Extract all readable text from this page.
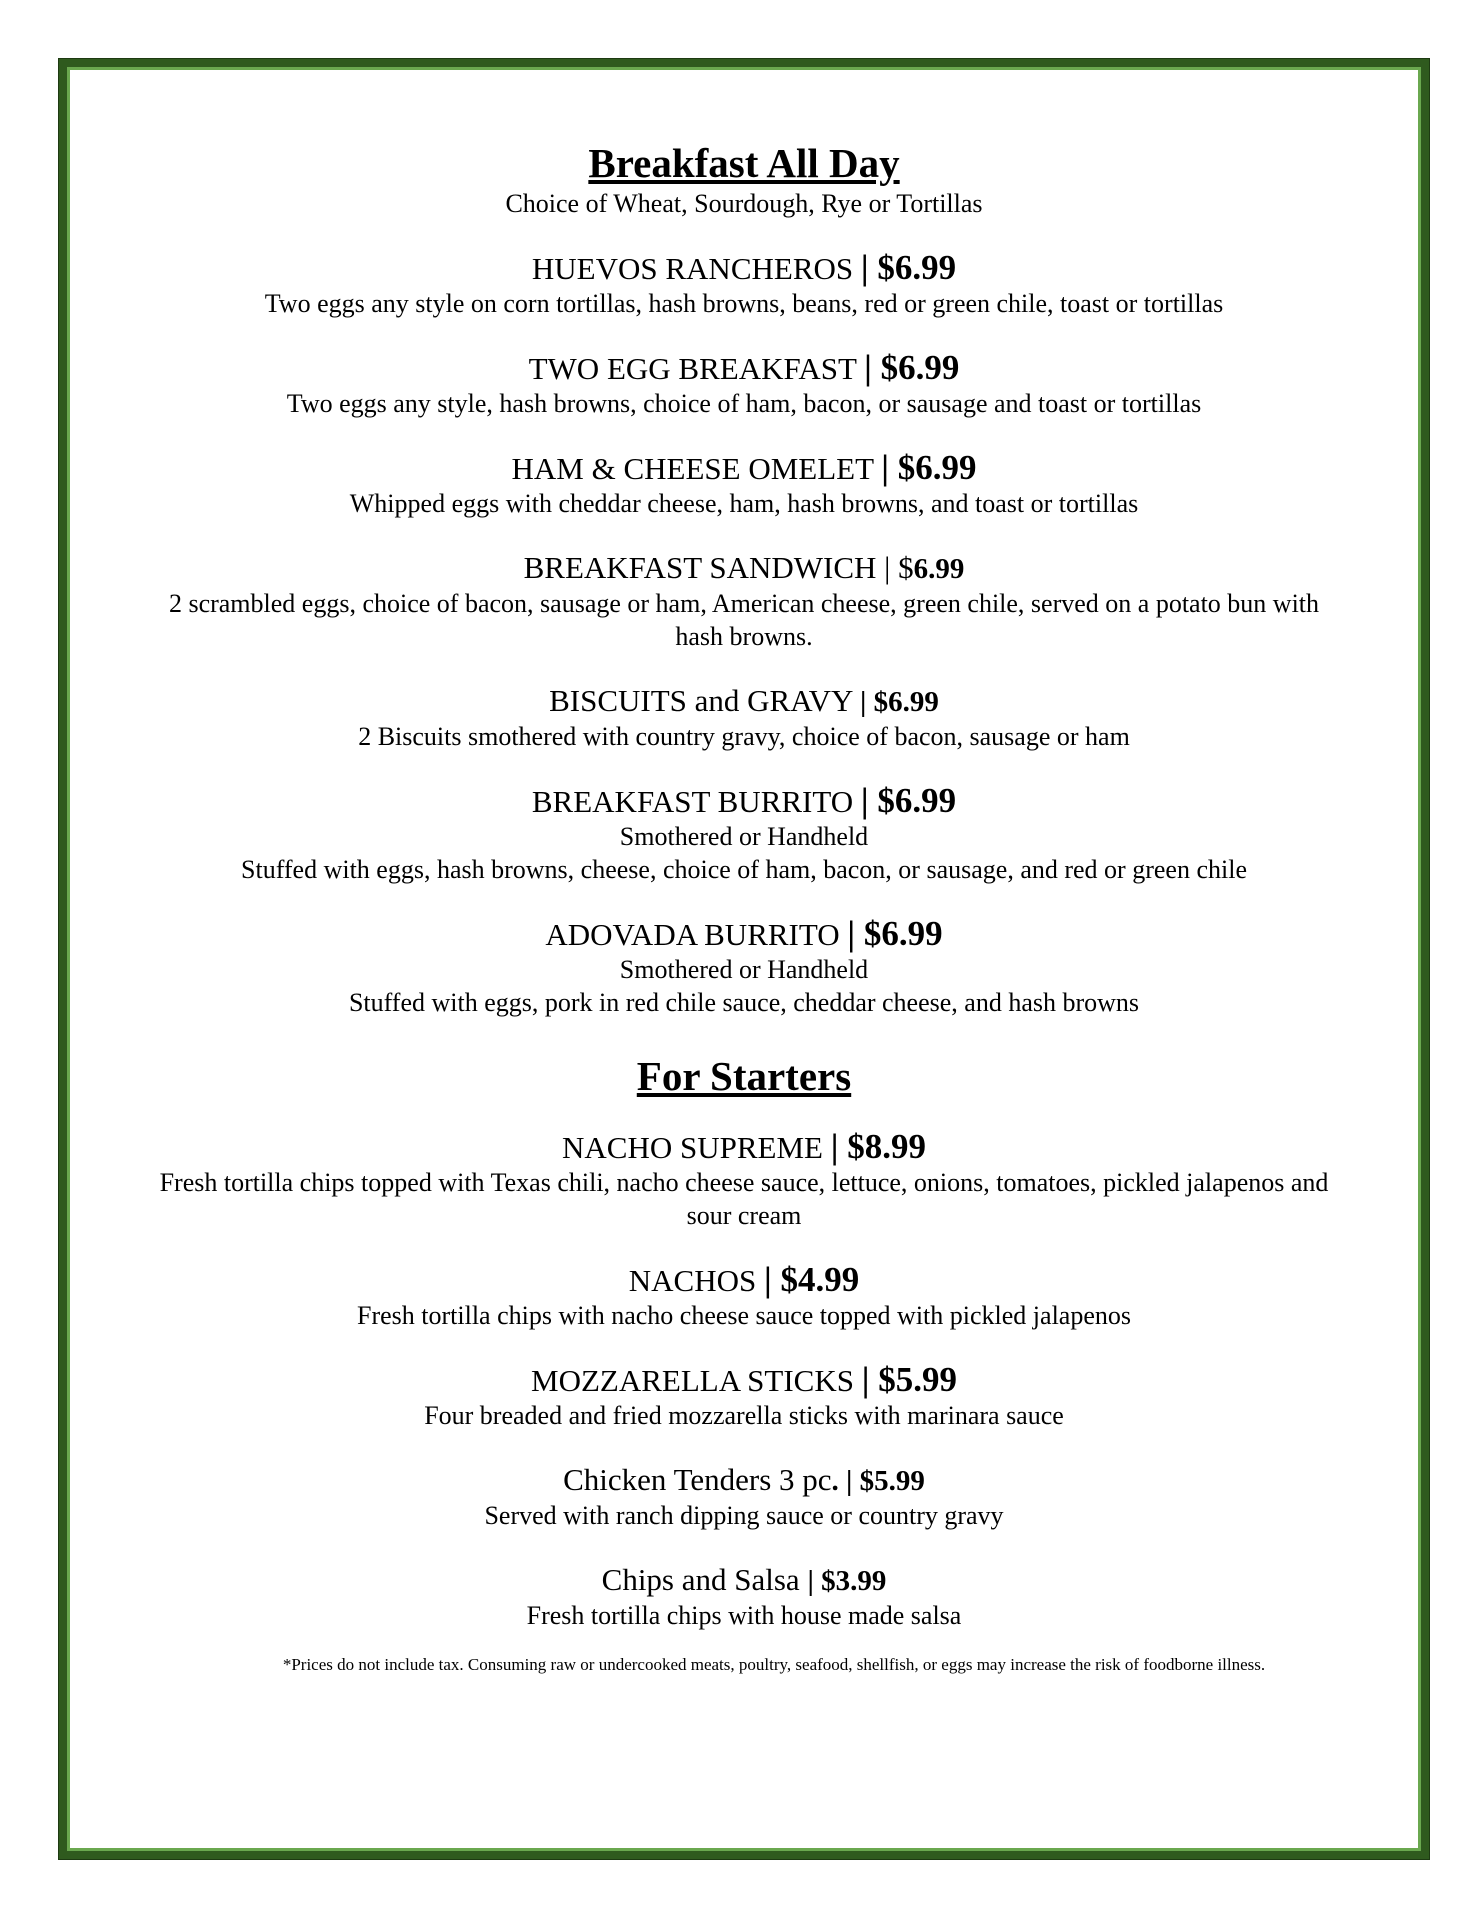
Breakfast All Day
Choice of Wheat, Sourdough, Rye or Tortillas
HUEVOS RANCHEROS | $6.99
Two eggs any style on corn tortillas, hash browns, beans, red or green chile, toast or tortillas
TWO EGG BREAKFAST | $6.99
Two eggs any style, hash browns, choice of ham, bacon, or sausage and toast or tortillas
HAM & CHEESE OMELET | $6.99
Whipped eggs with cheddar cheese, ham, hash browns, and toast or tortillas
BREAKFAST SANDWICH | $6.99
2 scrambled eggs, choice of bacon, sausage or ham, American cheese, green chile, served on a potato bun with hash browns.
BISCUITS and GRAVY | $6.99
2 Biscuits smothered with country gravy, choice of bacon, sausage or ham
BREAKFAST BURRITO | $6.99
Smothered or Handheld
Stuffed with eggs, hash browns, cheese, choice of ham, bacon, or sausage, and red or green chile
ADOVADA BURRITO | $6.99
Smothered or Handheld
Stuffed with eggs, pork in red chile sauce, cheddar cheese, and hash browns
For Starters
NACHO SUPREME | $8.99
Fresh tortilla chips topped with Texas chili, nacho cheese sauce, lettuce, onions, tomatoes, pickled jalapenos and sour cream
NACHOS | $4.99
Fresh tortilla chips with nacho cheese sauce topped with pickled jalapenos
MOZZARELLA STICKS | $5.99
Four breaded and fried mozzarella sticks with marinara sauce
Chicken Tenders 3 pc. | $5.99
Served with ranch dipping sauce or country gravy
Chips and Salsa | $3.99
Fresh tortilla chips with house made salsa
*Prices do not include tax. Consuming raw or undercooked meats, poultry, seafood, shellfish, or eggs may increase the risk of foodborne illness.
